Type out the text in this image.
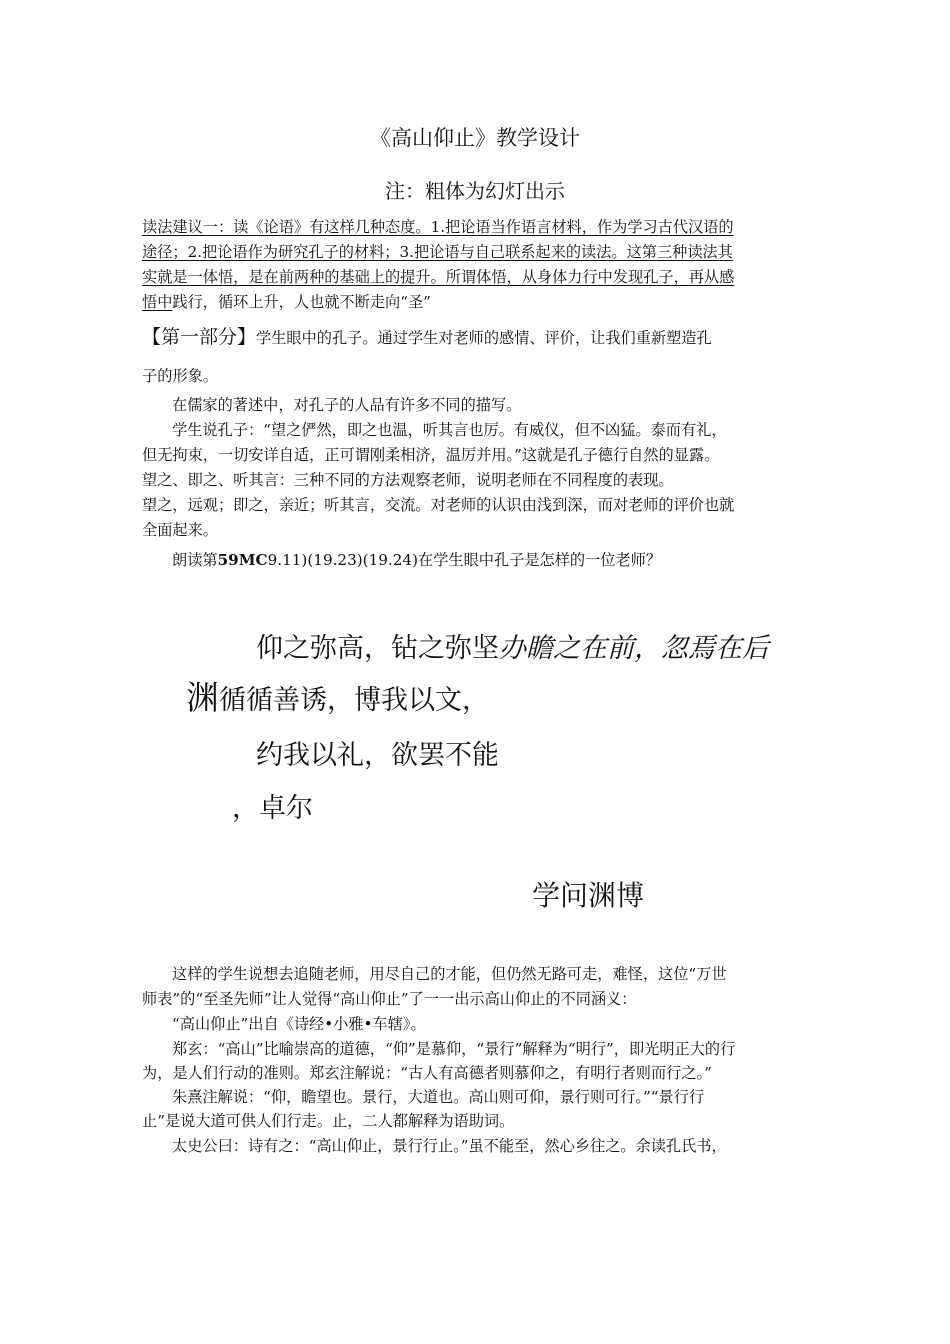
《高山仰止》教学设计

注：粗体为幻灯出示

读法建议一：读《论语》有这样几种态度。1.把论语当作语言材料，作为学习古代汉语的

途径；2.把论语作为研究孔子的材料；3.把论语与自己联系起来的读法。这第三种读法其

实就是一体悟，是在前两种的基础上的提升。所谓体悟，从身体力行中发现孔子，再从感

悟中践行，循环上升，人也就不断走向“圣”

【第一部分】学生眼中的孔子。通过学生对老师的感情、评价，让我们重新塑造孔

子的形象。

在儒家的著述中，对孔子的人品有许多不同的描写。

学生说孔子：“望之俨然，即之也温，听其言也厉。有威仪，但不凶猛。泰而有礼，

但无拘束，一切安详自适，正可谓刚柔相济，温厉并用。”这就是孔子德行自然的显露。

望之、即之、听其言：三种不同的方法观察老师，说明老师在不同程度的表现。

望之，远观；即之，亲近；听其言，交流。对老师的认识由浅到深，而对老师的评价也就

全面起来。

朗读第59MC9.11)(19.23)(19.24)在学生眼中孔子是怎样的一位老师？

仰之弥高，钻之弥坚办瞻之在前，忽焉在后

渊循循善诱，博我以文，

约我以礼，欲罢不能

，卓尔

学问渊博

这样的学生说想去追随老师，用尽自己的才能，但仍然无路可走，难怪，这位“万世

师表”的“至圣先师”让人觉得“高山仰止”了一一出示高山仰止的不同涵义：

“高山仰止”出自《诗经•小雅•车辖》。

郑玄：“高山”比喻崇高的道德，“仰”是慕仰，“景行”解释为“明行”，即光明正大的行

为，是人们行动的准则。郑玄注解说：“古人有高德者则慕仰之，有明行者则而行之。”

朱熹注解说：“仰，瞻望也。景行，大道也。高山则可仰，景行则可行。”“景行行

止”是说大道可供人们行走。止，二人都解释为语助词。

太史公曰：诗有之：“高山仰止，景行行止。”虽不能至，然心乡往之。余读孔氏书，
